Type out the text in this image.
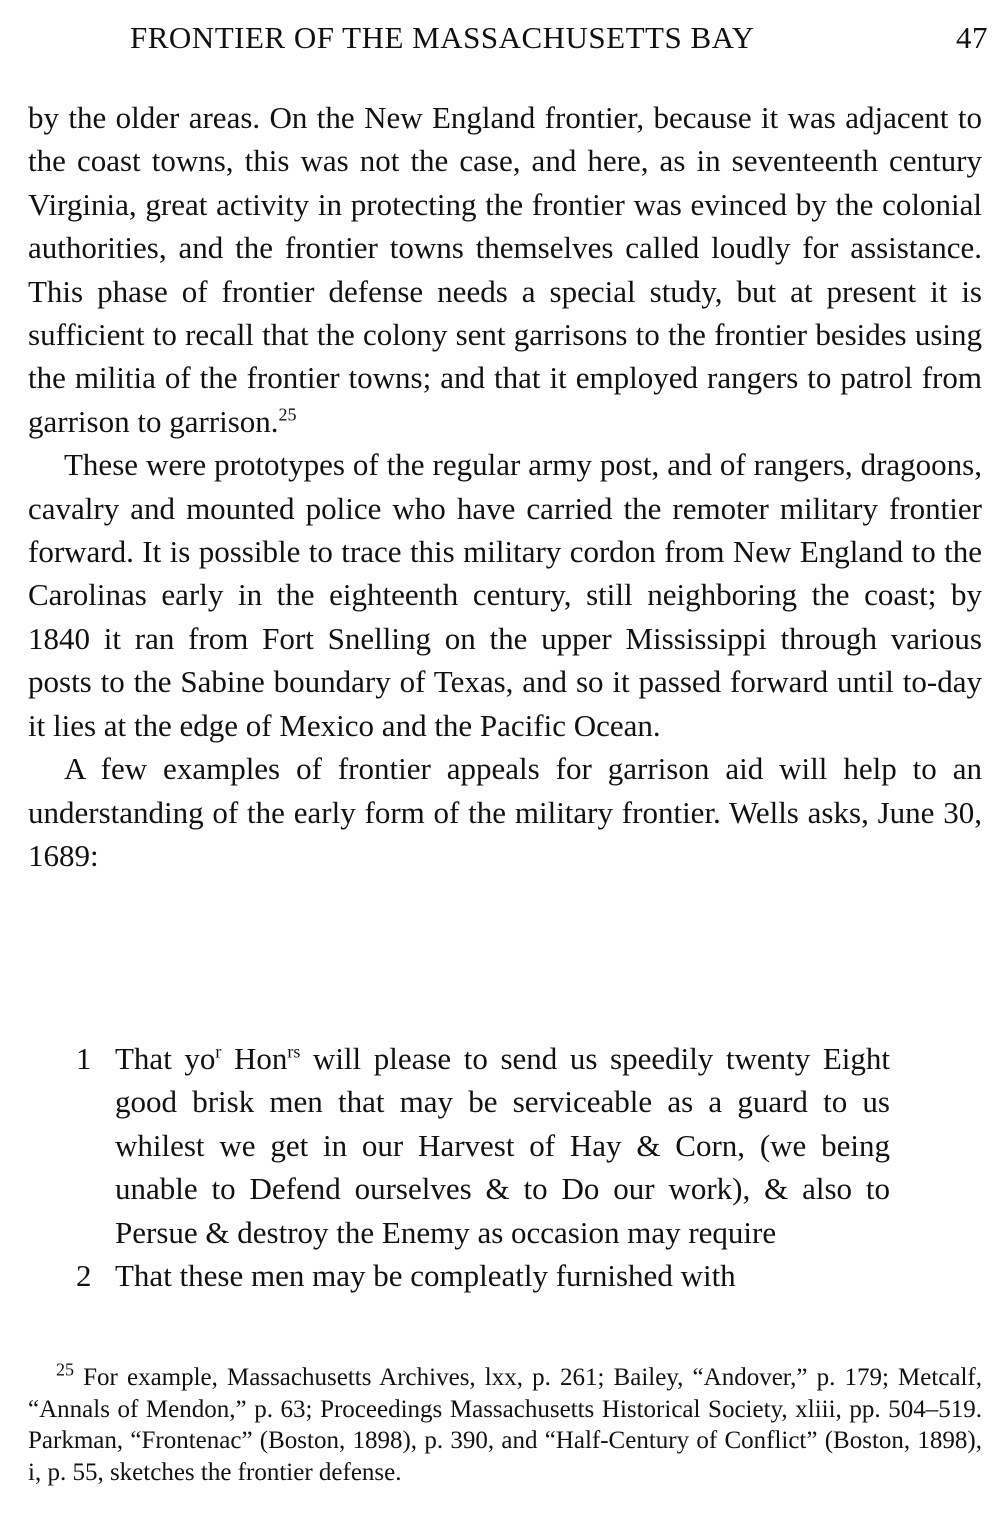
FRONTIER OF THE MASSACHUSETTS BAY	47

by the older areas. On the New England frontier, because it was adjacent to the coast towns, this was not the case, and here, as in seventeenth century Virginia, great activity in protecting the frontier was evinced by the colonial authorities, and the frontier towns themselves called loudly for assistance. This phase of frontier defense needs a special study, but at present it is sufficient to recall that the colony sent garrisons to the frontier besides using the militia of the frontier towns; and that it employed rangers to patrol from garrison to garrison.$^{25}$

These were prototypes of the regular army post, and of rangers, dragoons, cavalry and mounted police who have carried the remoter military frontier forward. It is possible to trace this military cordon from New England to the Carolinas early in the eighteenth century, still neighboring the coast; by 1840 it ran from Fort Snelling on the upper Mississippi through various posts to the Sabine boundary of Texas, and so it passed forward until to-day it lies at the edge of Mexico and the Pacific Ocean.

A few examples of frontier appeals for garrison aid will help to an understanding of the early form of the military frontier. Wells asks, June 30, 1689:

1 That $yo^r$ Hon$^{rs}$ will please to send us speedily twenty Eight good brisk men that may be serviceable as a guard to us whilest we get in our Harvest of Hay & Corn, (we being unable to Defend ourselves & to Do our work), & also to Persue & destroy the Enemy as occasion may require
2 That these men may be compleatly furnished with

$^{25}$ For example, Massachusetts Archives, lxx, p. 261; Bailey, “Andover,” p. 179; Metcalf, “Annals of Mendon,” p. 63; Proceedings Massachusetts Historical Society, xliii, pp. 504–519. Parkman, “Frontenac” (Boston, 1898), p. 390, and “Half-Century of Conflict” (Boston, 1898), i, p. 55, sketches the frontier defense.
